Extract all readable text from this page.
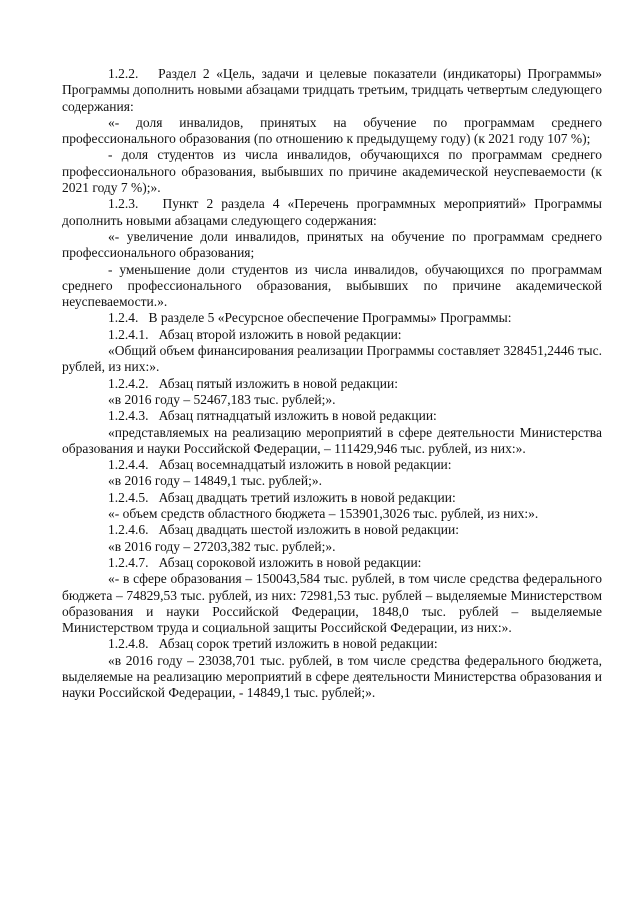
1.2.2.   Раздел 2 «Цель, задачи и целевые показатели (индикаторы) Программы» Программы дополнить новыми абзацами тридцать третьим, тридцать четвертым следующего содержания:

«- доля инвалидов, принятых на обучение по программам среднего профессионального образования (по отношению к предыдущему году) (к 2021 году 107 %);

- доля студентов из числа инвалидов, обучающихся по программам среднего профессионального образования, выбывших по причине академической неуспеваемости (к 2021 году 7 %);».

1.2.3.   Пункт 2 раздела 4 «Перечень программных мероприятий» Программы дополнить новыми абзацами следующего содержания:

«- увеличение доли инвалидов, принятых на обучение по программам среднего профессионального образования;

- уменьшение доли студентов из числа инвалидов, обучающихся по программам среднего профессионального образования, выбывших по причине академической неуспеваемости.».

1.2.4.   В разделе 5 «Ресурсное обеспечение Программы» Программы:

1.2.4.1.   Абзац второй изложить в новой редакции:

«Общий объем финансирования реализации Программы составляет 328451,2446 тыс. рублей, из них:».

1.2.4.2.   Абзац пятый изложить в новой редакции:

«в 2016 году – 52467,183 тыс. рублей;».

1.2.4.3.   Абзац пятнадцатый изложить в новой редакции:

«представляемых на реализацию мероприятий в сфере деятельности Министерства образования и науки Российской Федерации, – 111429,946 тыс. рублей, из них:».

1.2.4.4.   Абзац восемнадцатый изложить в новой редакции:

«в 2016 году – 14849,1 тыс. рублей;».

1.2.4.5.   Абзац двадцать третий изложить в новой редакции:

«- объем средств областного бюджета – 153901,3026 тыс. рублей, из них:».

1.2.4.6.   Абзац двадцать шестой изложить в новой редакции:

«в 2016 году – 27203,382 тыс. рублей;».

1.2.4.7.   Абзац сороковой изложить в новой редакции:

«- в сфере образования – 150043,584 тыс. рублей, в том числе средства федерального бюджета – 74829,53 тыс. рублей, из них: 72981,53 тыс. рублей – выделяемые Министерством образования и науки Российской Федерации, 1848,0 тыс. рублей – выделяемые Министерством труда и социальной защиты Российской Федерации, из них:».

1.2.4.8.   Абзац сорок третий изложить в новой редакции:

«в 2016 году – 23038,701 тыс. рублей, в том числе средства федерального бюджета, выделяемые на реализацию мероприятий в сфере деятельности Министерства образования и науки Российской Федерации, - 14849,1 тыс. рублей;».
